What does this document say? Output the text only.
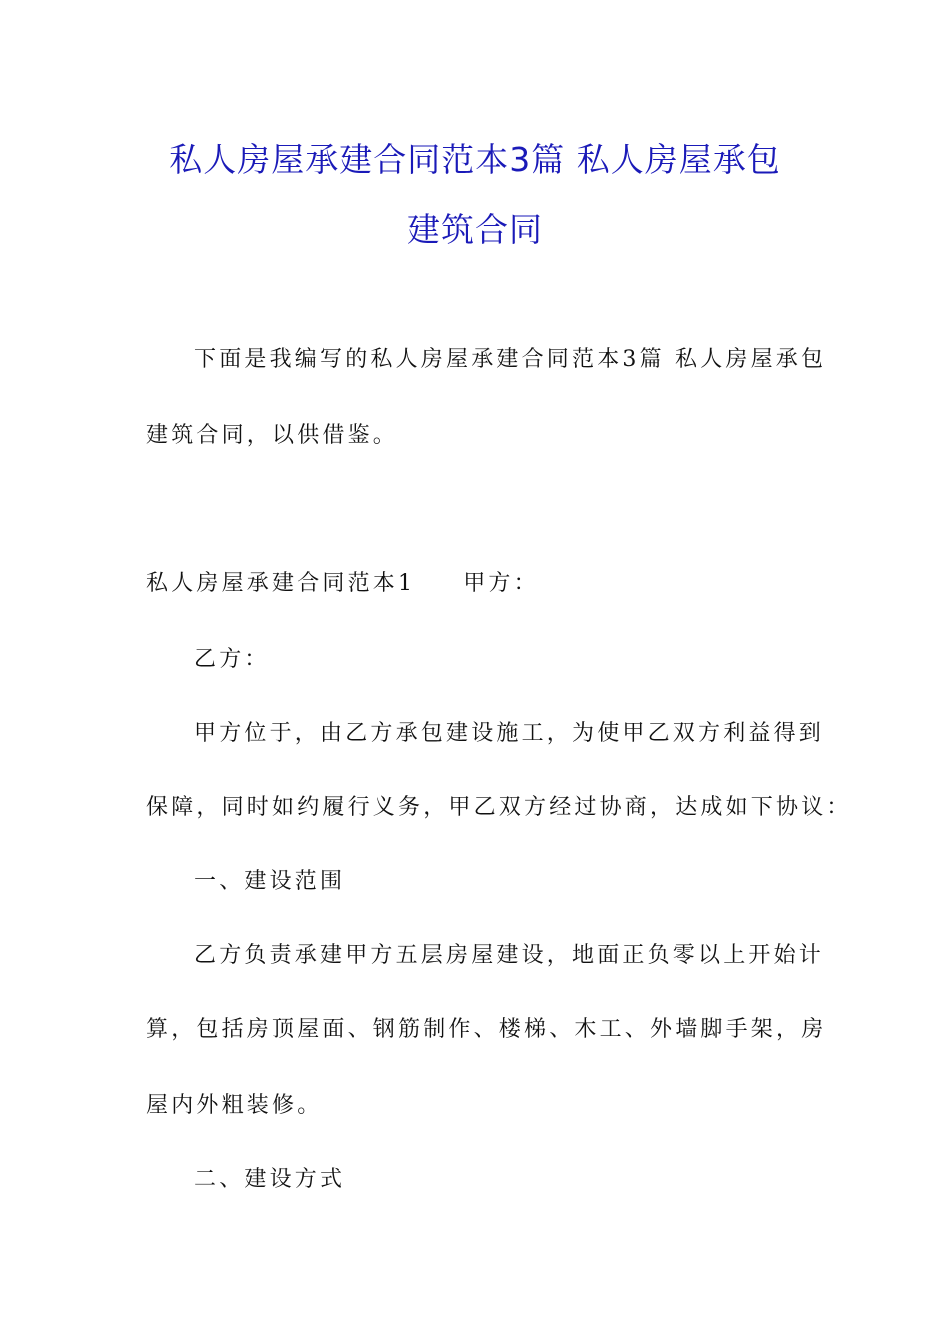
私人房屋承建合同范本3篇 私人房屋承包
建筑合同
下面是我编写的私人房屋承建合同范本3篇 私人房屋承包
建筑合同，以供借鉴。
私人房屋承建合同范本1 甲方：
乙方：
甲方位于，由乙方承包建设施工，为使甲乙双方利益得到
保障，同时如约履行义务，甲乙双方经过协商，达成如下协议：
一、建设范围
乙方负责承建甲方五层房屋建设，地面正负零以上开始计
算，包括房顶屋面、钢筋制作、楼梯、木工、外墙脚手架，房
屋内外粗装修。
二、建设方式
